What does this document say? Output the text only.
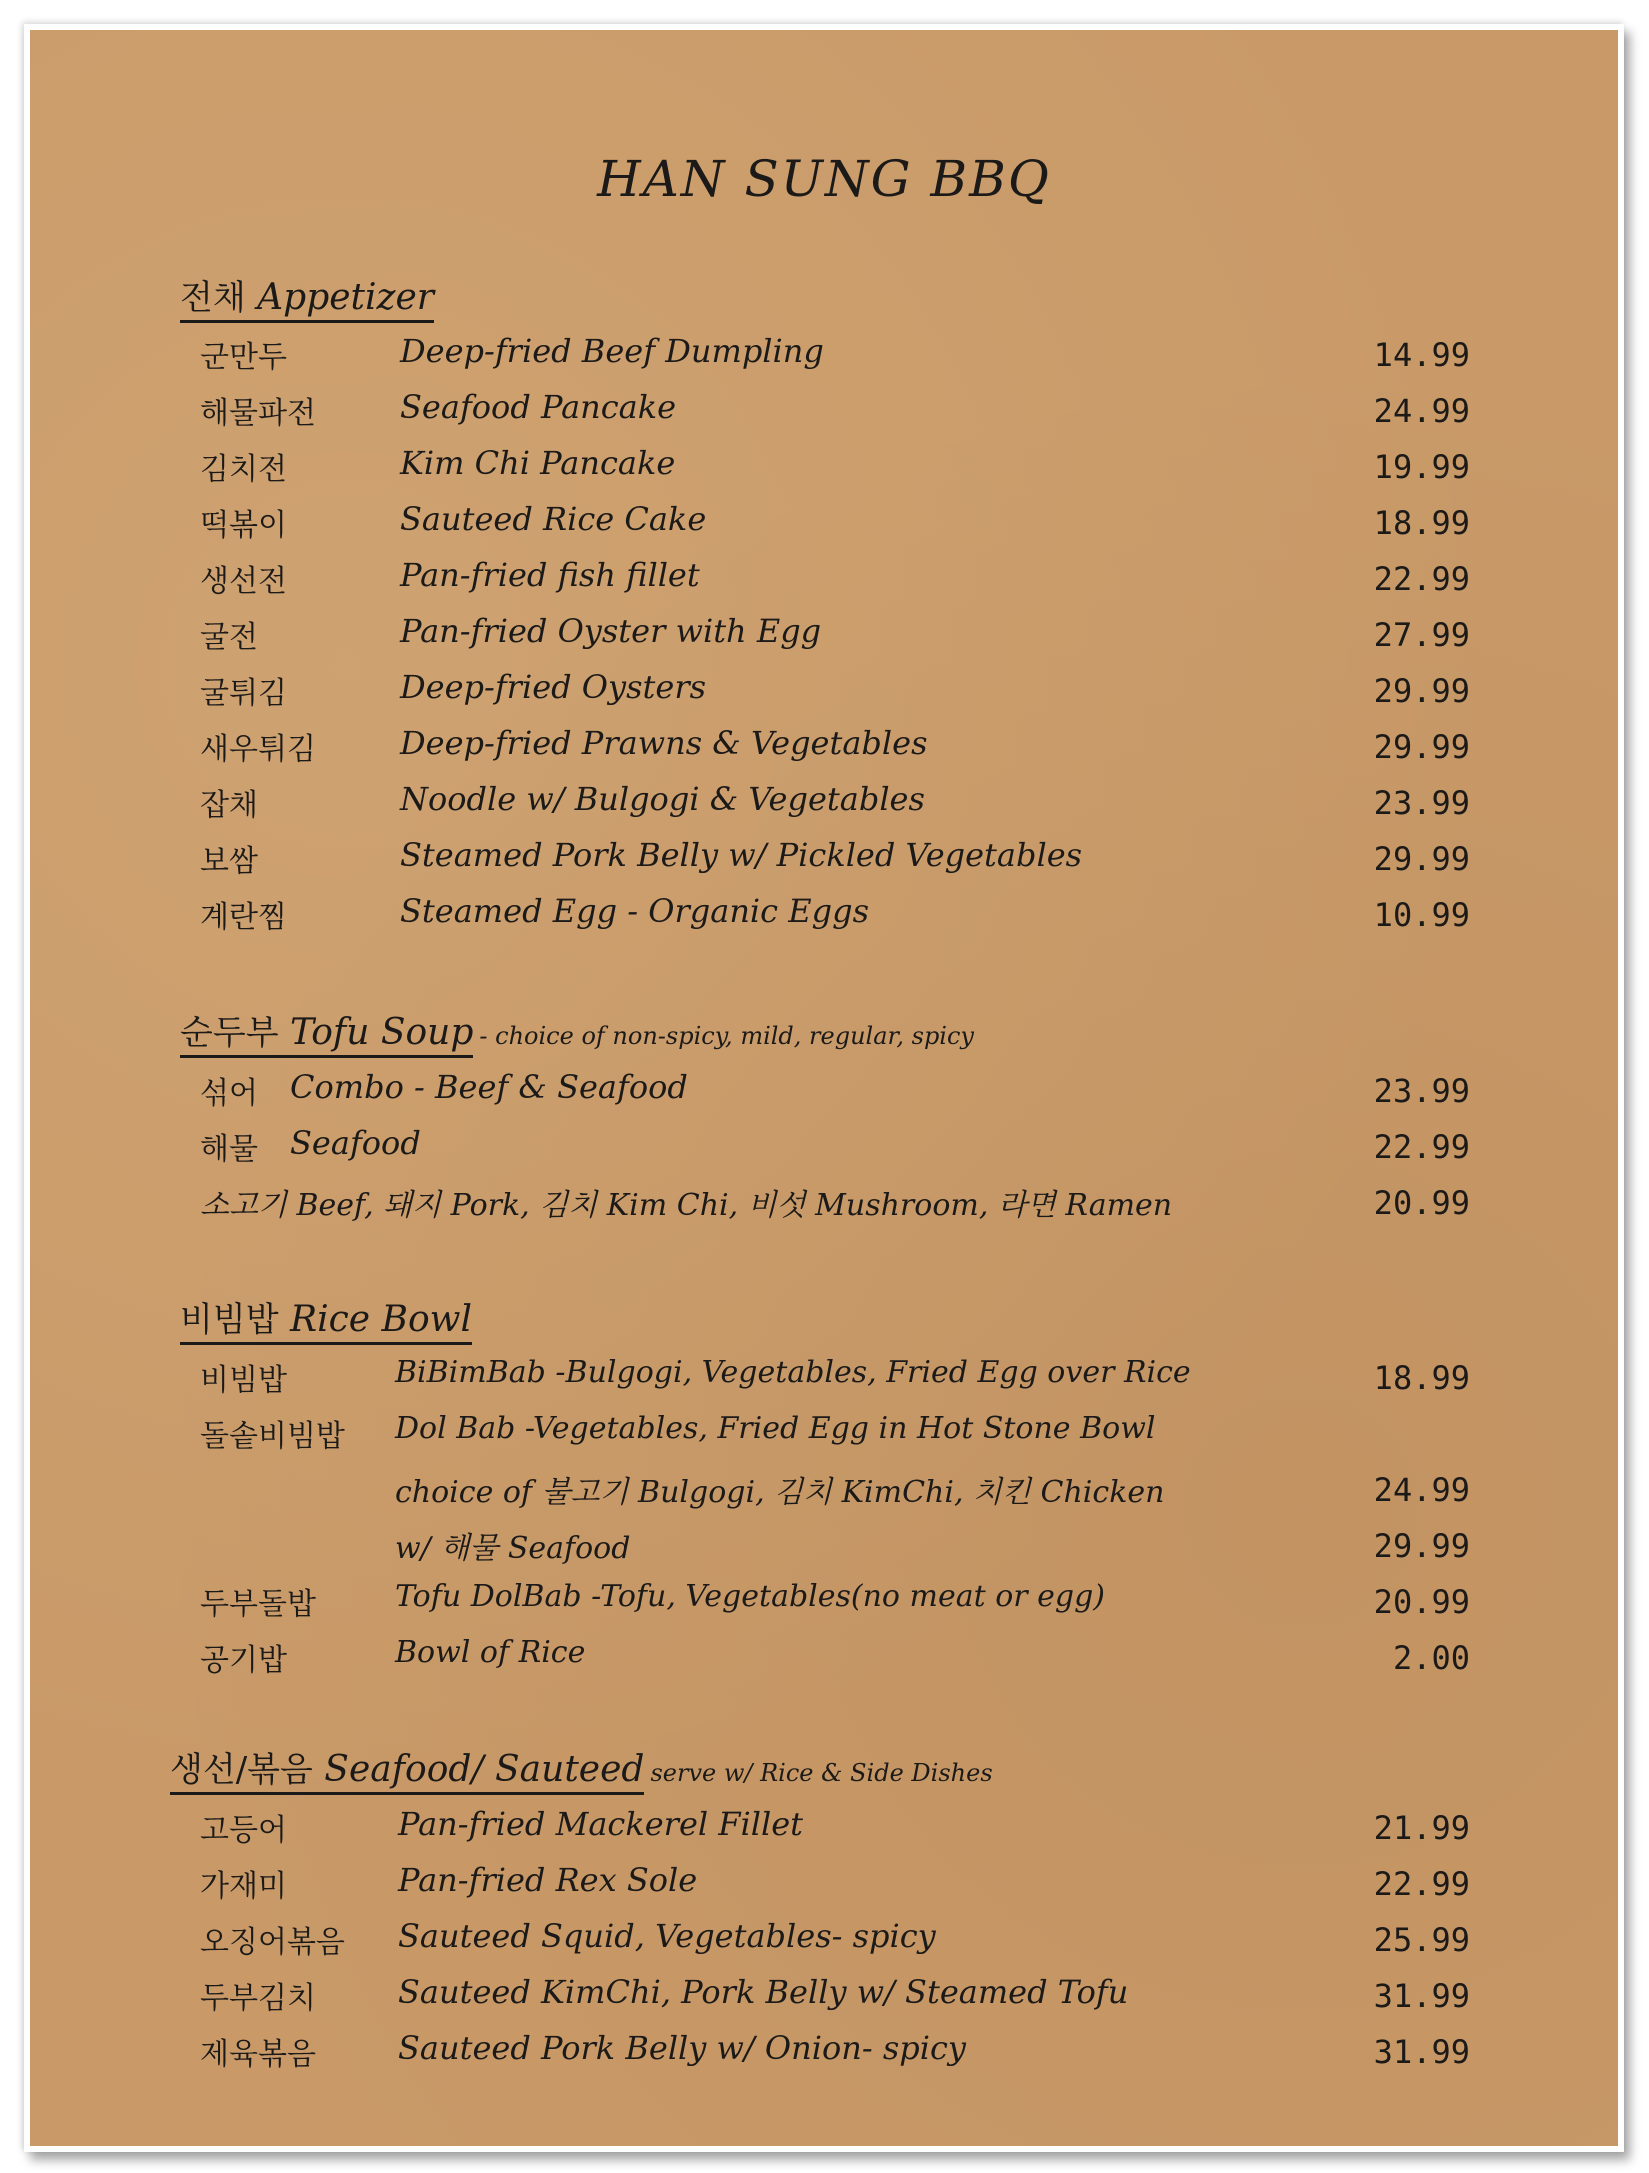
HAN SUNG BBQ
전채 Appetizer
군만두	Deep-fried Beef Dumpling	14.99
해물파전	Seafood Pancake	24.99
김치전	Kim Chi Pancake	19.99
떡볶이	Sauteed Rice Cake	18.99
생선전	Pan-fried fish fillet	22.99
굴전	Pan-fried Oyster with Egg	27.99
굴튀김	Deep-fried Oysters	29.99
새우튀김	Deep-fried Prawns & Vegetables	29.99
잡채	Noodle w/ Bulgogi & Vegetables	23.99
보쌈	Steamed Pork Belly w/ Pickled Vegetables	29.99
계란찜	Steamed Egg - Organic Eggs	10.99
순두부 Tofu Soup - choice of non-spicy, mild, regular, spicy
섞어 Combo - Beef & Seafood	23.99
해물 Seafood	22.99
소고기 Beef, 돼지 Pork, 김치 Kim Chi, 비섯 Mushroom, 라면 Ramen	20.99
비빔밥 Rice Bowl
비빔밥	BiBimBab -Bulgogi, Vegetables, Fried Egg over Rice	18.99
돌솥비빔밥 Dol Bab -Vegetables, Fried Egg in Hot Stone Bowl
choice of 불고기 Bulgogi, 김치 KimChi, 치킨 Chicken	24.99
w/ 해물 Seafood	29.99
두부돌밥	Tofu DolBab -Tofu, Vegetables(no meat or egg)	20.99
공기밥	Bowl of Rice	2.00
생선/볶음 Seafood/ Sauteed serve w/ Rice & Side Dishes
고등어	Pan-fried Mackerel Fillet	21.99
가재미	Pan-fried Rex Sole	22.99
오징어볶음 Sauteed Squid, Vegetables- spicy	25.99
두부김치	Sauteed KimChi, Pork Belly w/ Steamed Tofu	31.99
제육볶음	Sauteed Pork Belly w/ Onion- spicy	31.99
